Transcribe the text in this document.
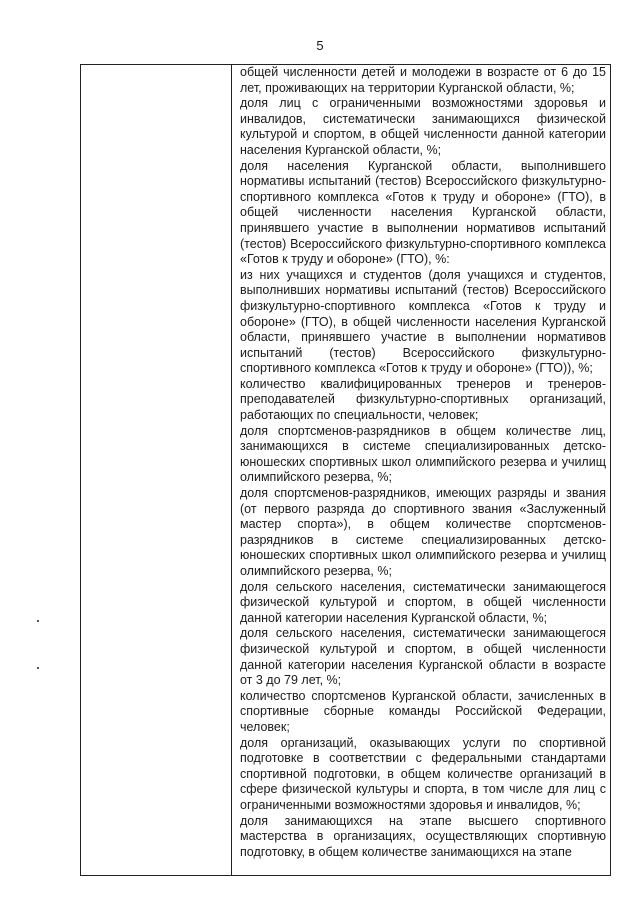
5

общей численности детей и молодежи в возрасте от 6 до 15 лет, проживающих на территории Курганской области, %;

доля лиц с ограниченными возможностями здоровья и инвалидов, систематически занимающихся физической культурой и спортом, в общей численности данной категории населения Курганской области, %;

доля населения Курганской области, выполнившего нормативы испытаний (тестов) Всероссийского физкультурно-спортивного комплекса «Готов к труду и обороне» (ГТО), в общей численности населения Курганской области, принявшего участие в выполнении нормативов испытаний (тестов) Всероссийского физкультурно-спортивного комплекса «Готов к труду и обороне» (ГТО), %:

из них учащихся и студентов (доля учащихся и студентов, выполнивших нормативы испытаний (тестов) Всероссийского физкультурно-спортивного комплекса «Готов к труду и обороне» (ГТО), в общей численности населения Курганской области, принявшего участие в выполнении нормативов испытаний (тестов) Всероссийского физкультурно-спортивного комплекса «Готов к труду и обороне» (ГТО)), %;

количество квалифицированных тренеров и тренеров-преподавателей физкультурно-спортивных организаций, работающих по специальности, человек;

доля спортсменов-разрядников в общем количестве лиц, занимающихся в системе специализированных детско-юношеских спортивных школ олимпийского резерва и училищ олимпийского резерва, %;

доля спортсменов-разрядников, имеющих разряды и звания (от первого разряда до спортивного звания «Заслуженный мастер спорта»), в общем количестве спортсменов-разрядников в системе специализированных детско-юношеских спортивных школ олимпийского резерва и училищ олимпийского резерва, %;

доля сельского населения, систематически занимающегося физической культурой и спортом, в общей численности данной категории населения Курганской области, %;

доля сельского населения, систематически занимающегося физической культурой и спортом, в общей численности данной категории населения Курганской области в возрасте от 3 до 79 лет, %;

количество спортсменов Курганской области, зачисленных в спортивные сборные команды Российской Федерации, человек;

доля организаций, оказывающих услуги по спортивной подготовке в соответствии с федеральными стандартами спортивной подготовки, в общем количестве организаций в сфере физической культуры и спорта, в том числе для лиц с ограниченными возможностями здоровья и инвалидов, %;

доля занимающихся на этапе высшего спортивного мастерства в организациях, осуществляющих спортивную подготовку, в общем количестве занимающихся на этапе
